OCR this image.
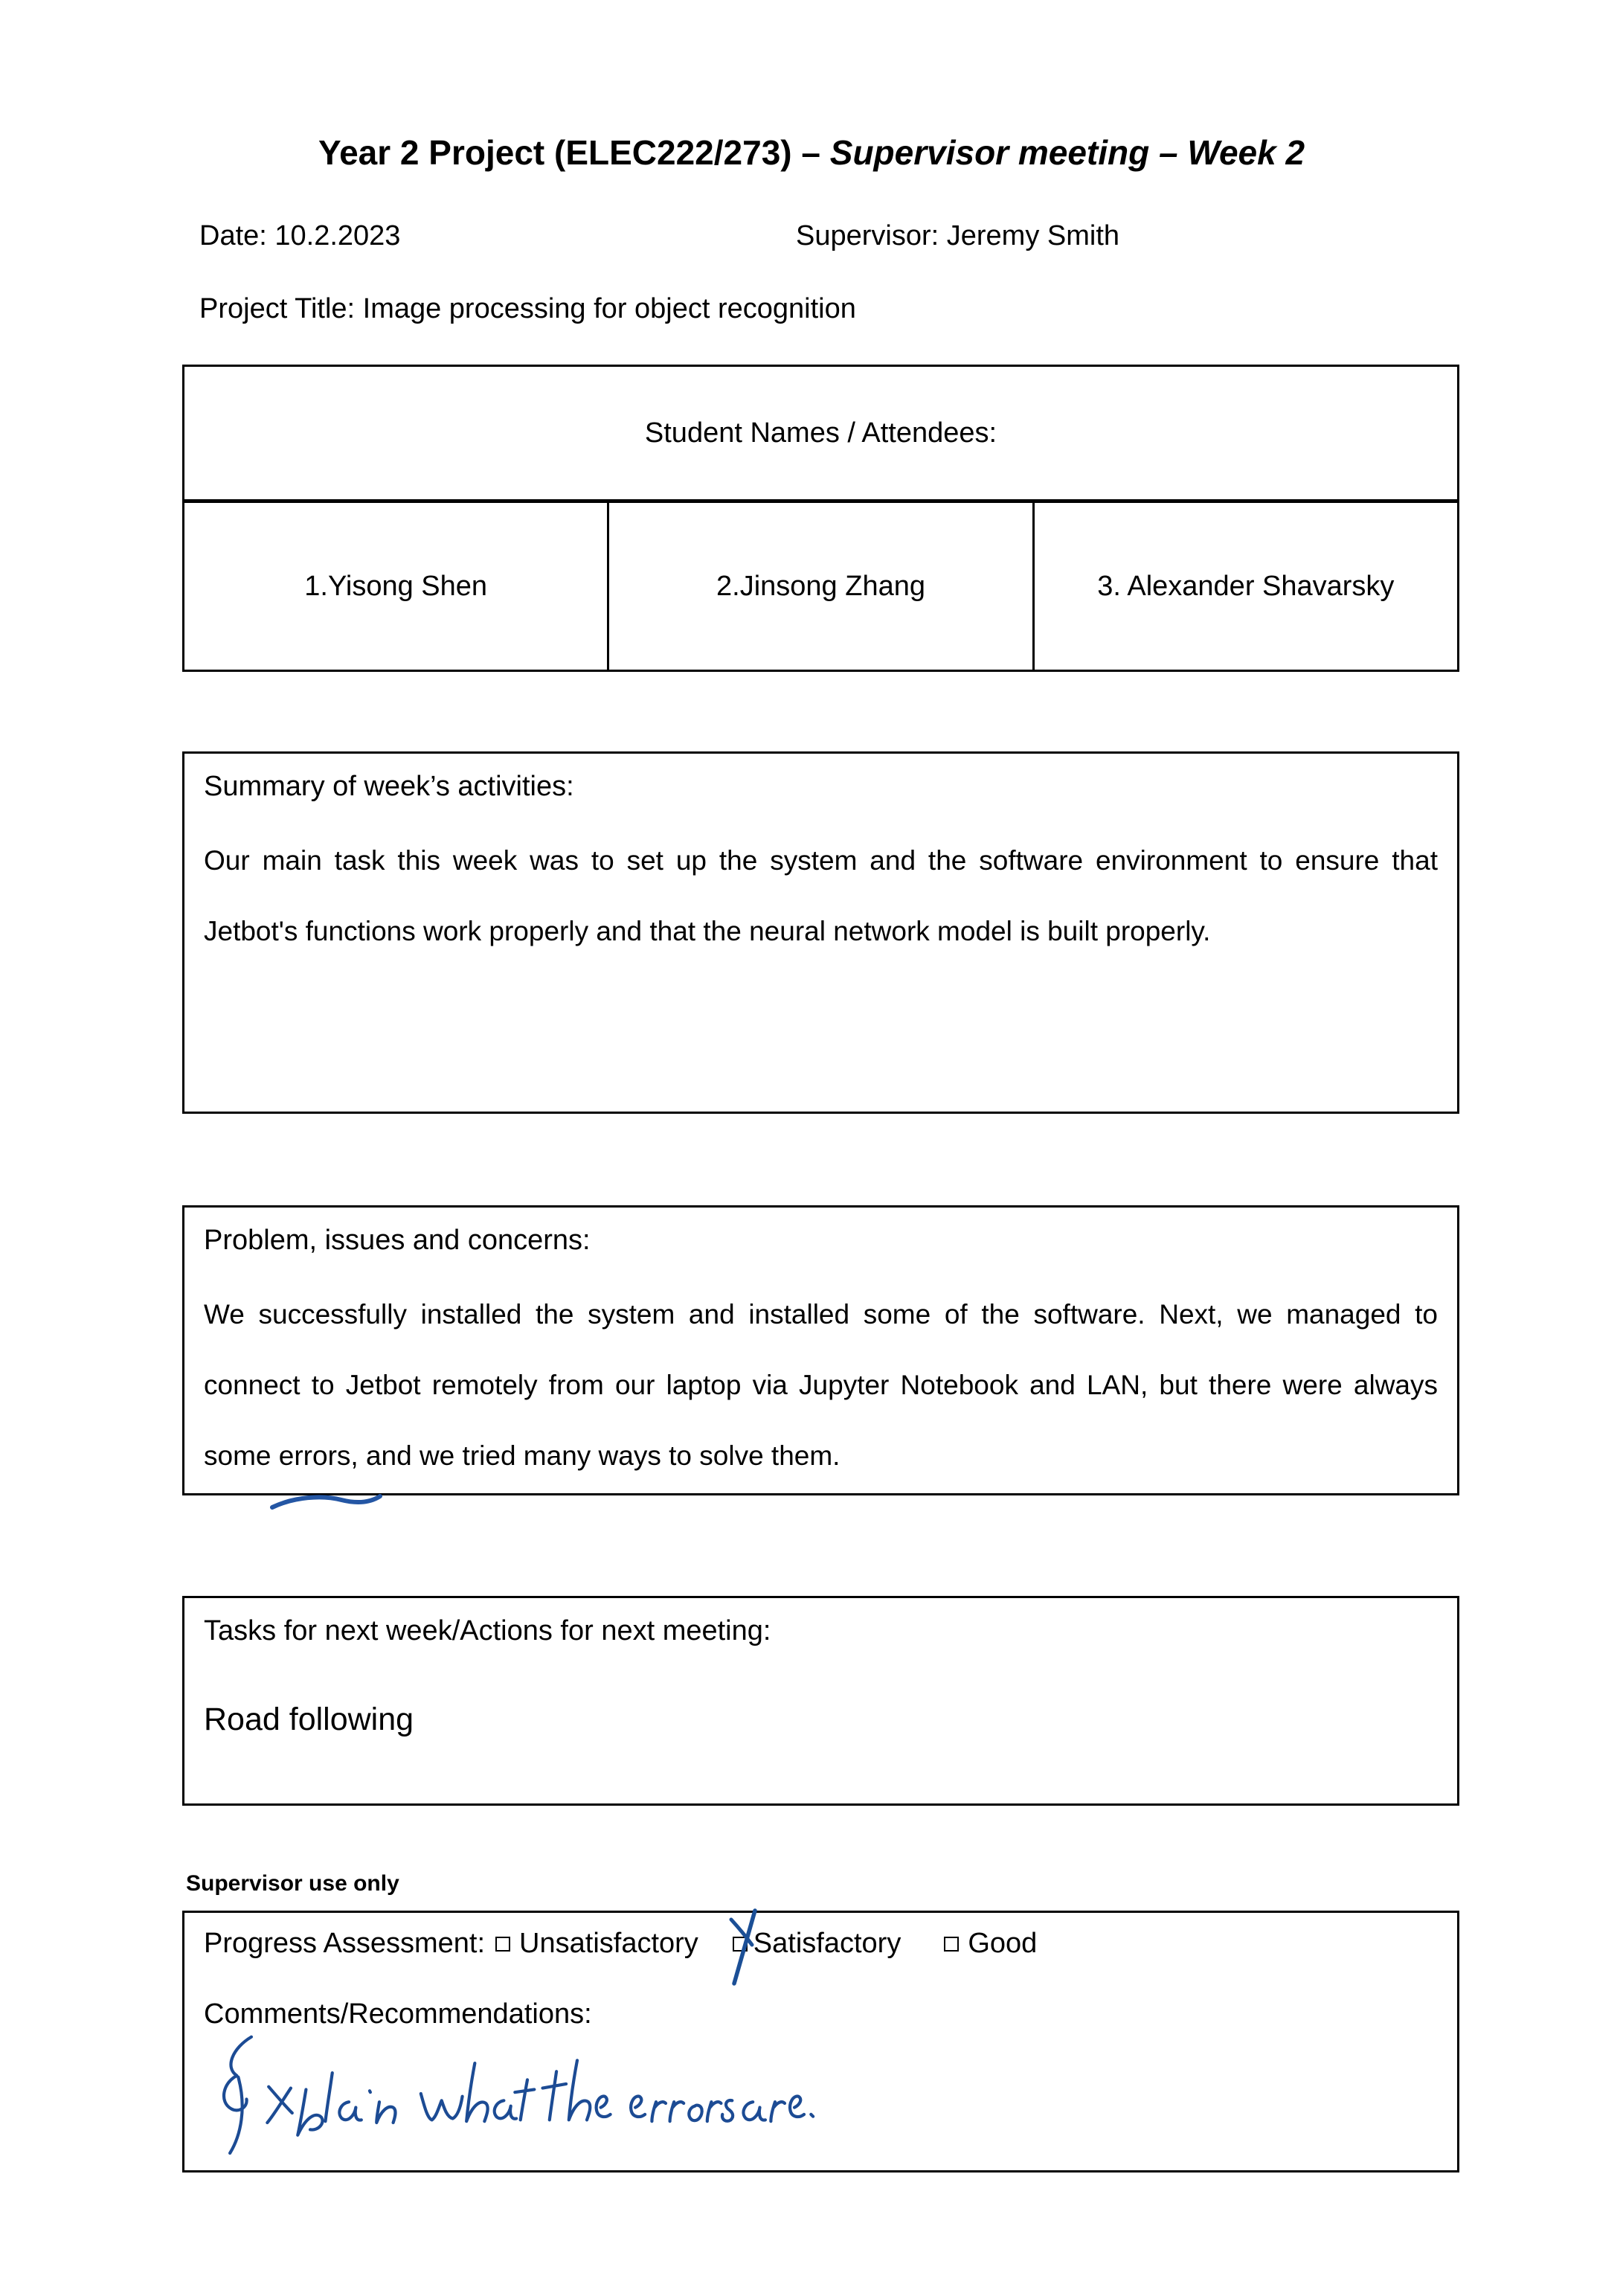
Year 2 Project (ELEC222/273) – Supervisor meeting – Week 2
Date: 10.2.2023	Supervisor: Jeremy Smith
Project Title: Image processing for object recognition
Student Names / Attendees:
1.Yisong Shen	2.Jinsong Zhang	3. Alexander Shavarsky
Summary of week’s activities:
Our main task this week was to set up the system and the software environment to ensure that Jetbot's functions work properly and that the neural network model is built properly.
Problem, issues and concerns:
We successfully installed the system and installed some of the software. Next, we managed to connect to Jetbot remotely from our laptop via Jupyter Notebook and LAN, but there were always some errors
, and we tried many ways to solve them.
Tasks for next week/Actions for next meeting:
Road following
Supervisor use only
Progress Assessment: Unsatisfactory Satisfactory Good
Comments/Recommendations:
